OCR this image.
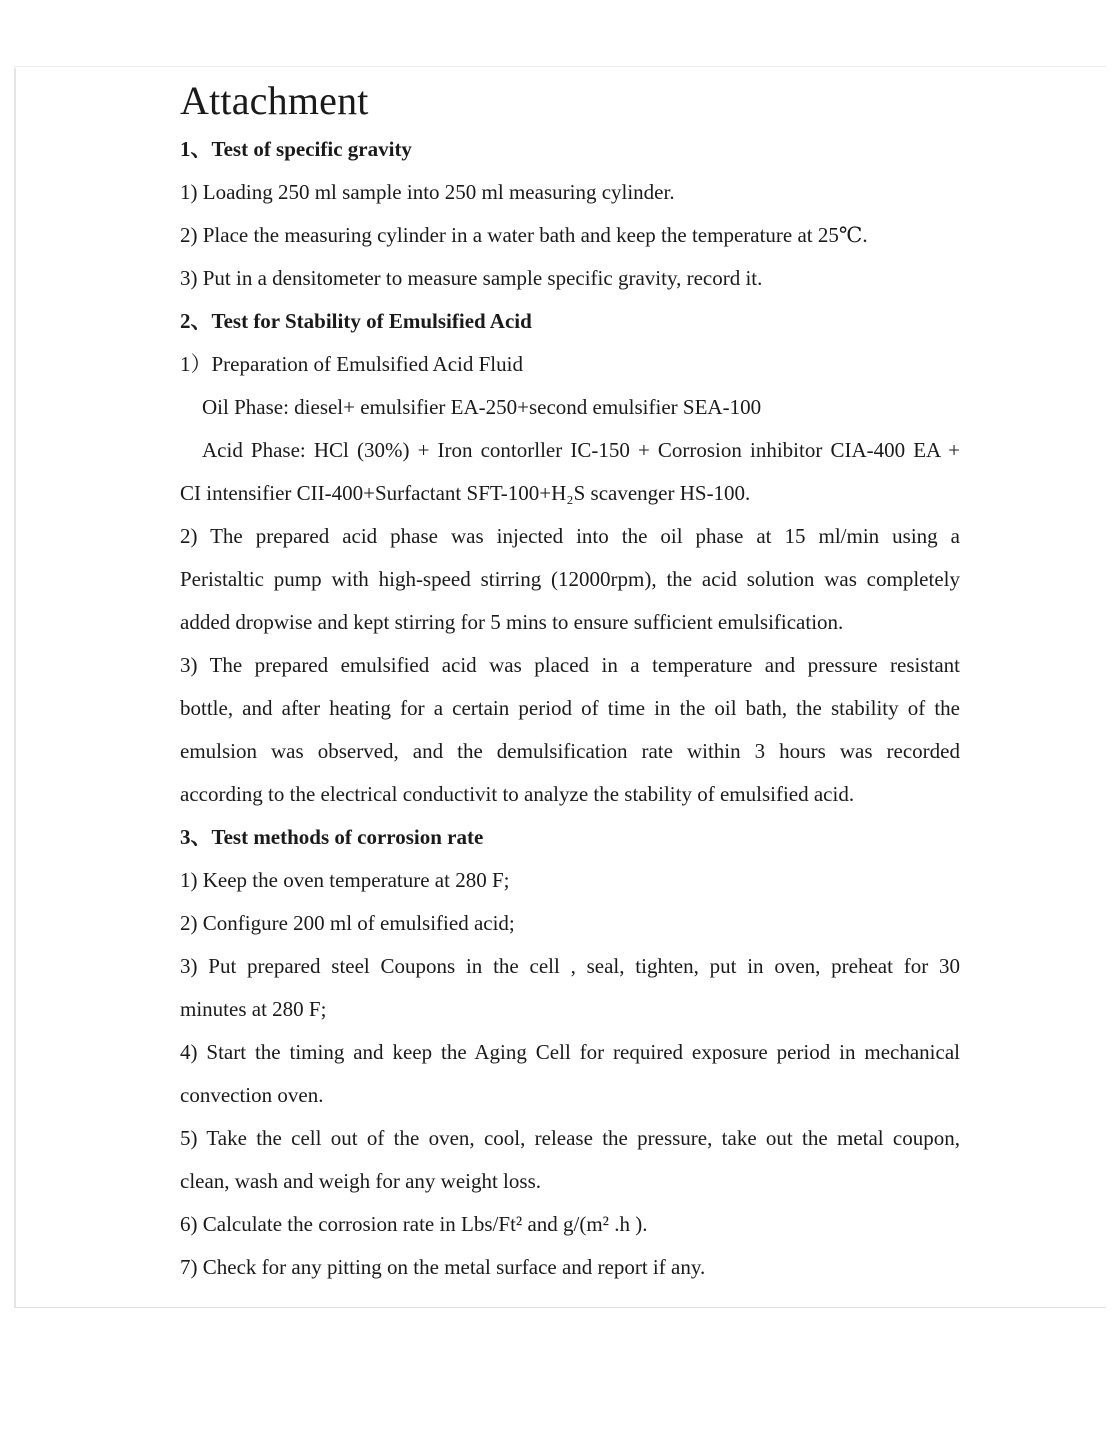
Attachment
1、Test of specific gravity
1) Loading 250 ml sample into 250 ml measuring cylinder.
2) Place the measuring cylinder in a water bath and keep the temperature at 25℃.
3) Put in a densitometer to measure sample specific gravity, record it.
2、Test for Stability of Emulsified Acid
1）Preparation of Emulsified Acid Fluid
Oil Phase: diesel+ emulsifier EA-250+second emulsifier SEA-100
Acid Phase: HCl (30%) + Iron contorller IC-150 + Corrosion inhibitor CIA-400 EA +
CI intensifier CII-400+Surfactant SFT-100+H₂S scavenger HS-100.
2) The prepared acid phase was injected into the oil phase at 15 ml/min using a
Peristaltic pump with high-speed stirring (12000rpm), the acid solution was completely
added dropwise and kept stirring for 5 mins to ensure sufficient emulsification.
3) The prepared emulsified acid was placed in a temperature and pressure resistant
bottle, and after heating for a certain period of time in the oil bath, the stability of the
emulsion was observed, and the demulsification rate within 3 hours was recorded
according to the electrical conductivit to analyze the stability of emulsified acid.
3、Test methods of corrosion rate
1) Keep the oven temperature at 280 F;
2) Configure 200 ml of emulsified acid;
3) Put prepared steel Coupons in the cell , seal, tighten, put in oven, preheat for 30
minutes at 280 F;
4) Start the timing and keep the Aging Cell for required exposure period in mechanical
convection oven.
5) Take the cell out of the oven, cool, release the pressure, take out the metal coupon,
clean, wash and weigh for any weight loss.
6) Calculate the corrosion rate in Lbs/Ft² and g/(m² .h ).
7) Check for any pitting on the metal surface and report if any.
